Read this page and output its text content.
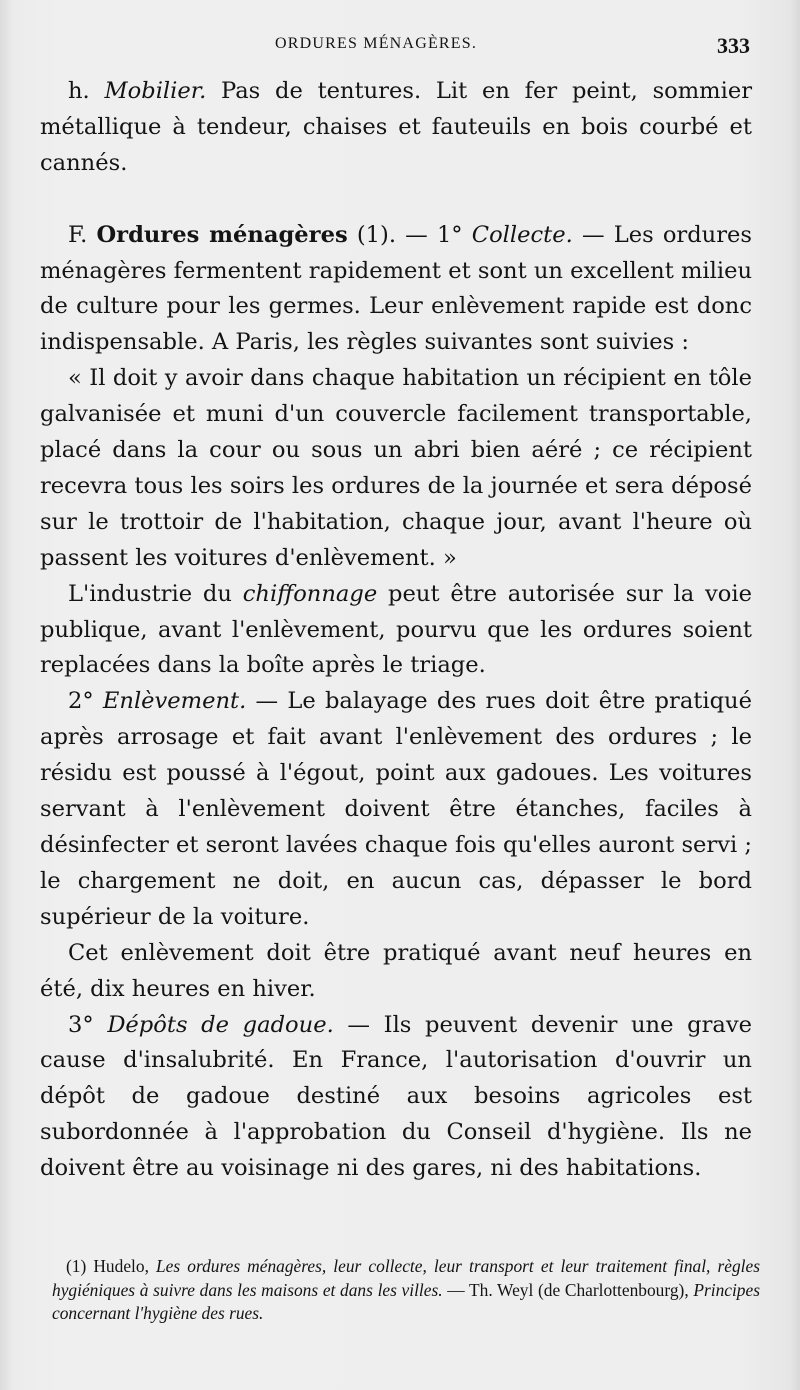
ORDURES MÉNAGÈRES.	333

h. Mobilier. Pas de tentures. Lit en fer peint, sommier métallique à tendeur, chaises et fauteuils en bois courbé et cannés.

F. Ordures ménagères (1). — 1° Collecte. — Les ordures ménagères fermentent rapidement et sont un excellent milieu de culture pour les germes. Leur enlèvement rapide est donc indispensable. A Paris, les règles suivantes sont suivies :

« Il doit y avoir dans chaque habitation un récipient en tôle galvanisée et muni d'un couvercle facilement transportable, placé dans la cour ou sous un abri bien aéré ; ce récipient recevra tous les soirs les ordures de la journée et sera déposé sur le trottoir de l'habitation, chaque jour, avant l'heure où passent les voitures d'enlèvement. »

L'industrie du chiffonnage peut être autorisée sur la voie publique, avant l'enlèvement, pourvu que les ordures soient replacées dans la boîte après le triage.

2° Enlèvement. — Le balayage des rues doit être pratiqué après arrosage et fait avant l'enlèvement des ordures ; le résidu est poussé à l'égout, point aux gadoues. Les voitures servant à l'enlèvement doivent être étanches, faciles à désinfecter et seront lavées chaque fois qu'elles auront servi ; le chargement ne doit, en aucun cas, dépasser le bord supérieur de la voiture.

Cet enlèvement doit être pratiqué avant neuf heures en été, dix heures en hiver.

3° Dépôts de gadoue. — Ils peuvent devenir une grave cause d'insalubrité. En France, l'autorisation d'ouvrir un dépôt de gadoue destiné aux besoins agricoles est subordonnée à l'approbation du Conseil d'hygiène. Ils ne doivent être au voisinage ni des gares, ni des habitations.

(1) Hudelo, Les ordures ménagères, leur collecte, leur transport et leur traitement final, règles hygiéniques à suivre dans les maisons et dans les villes. — Th. Weyl (de Charlottenbourg), Principes concernant l'hygiène des rues.
